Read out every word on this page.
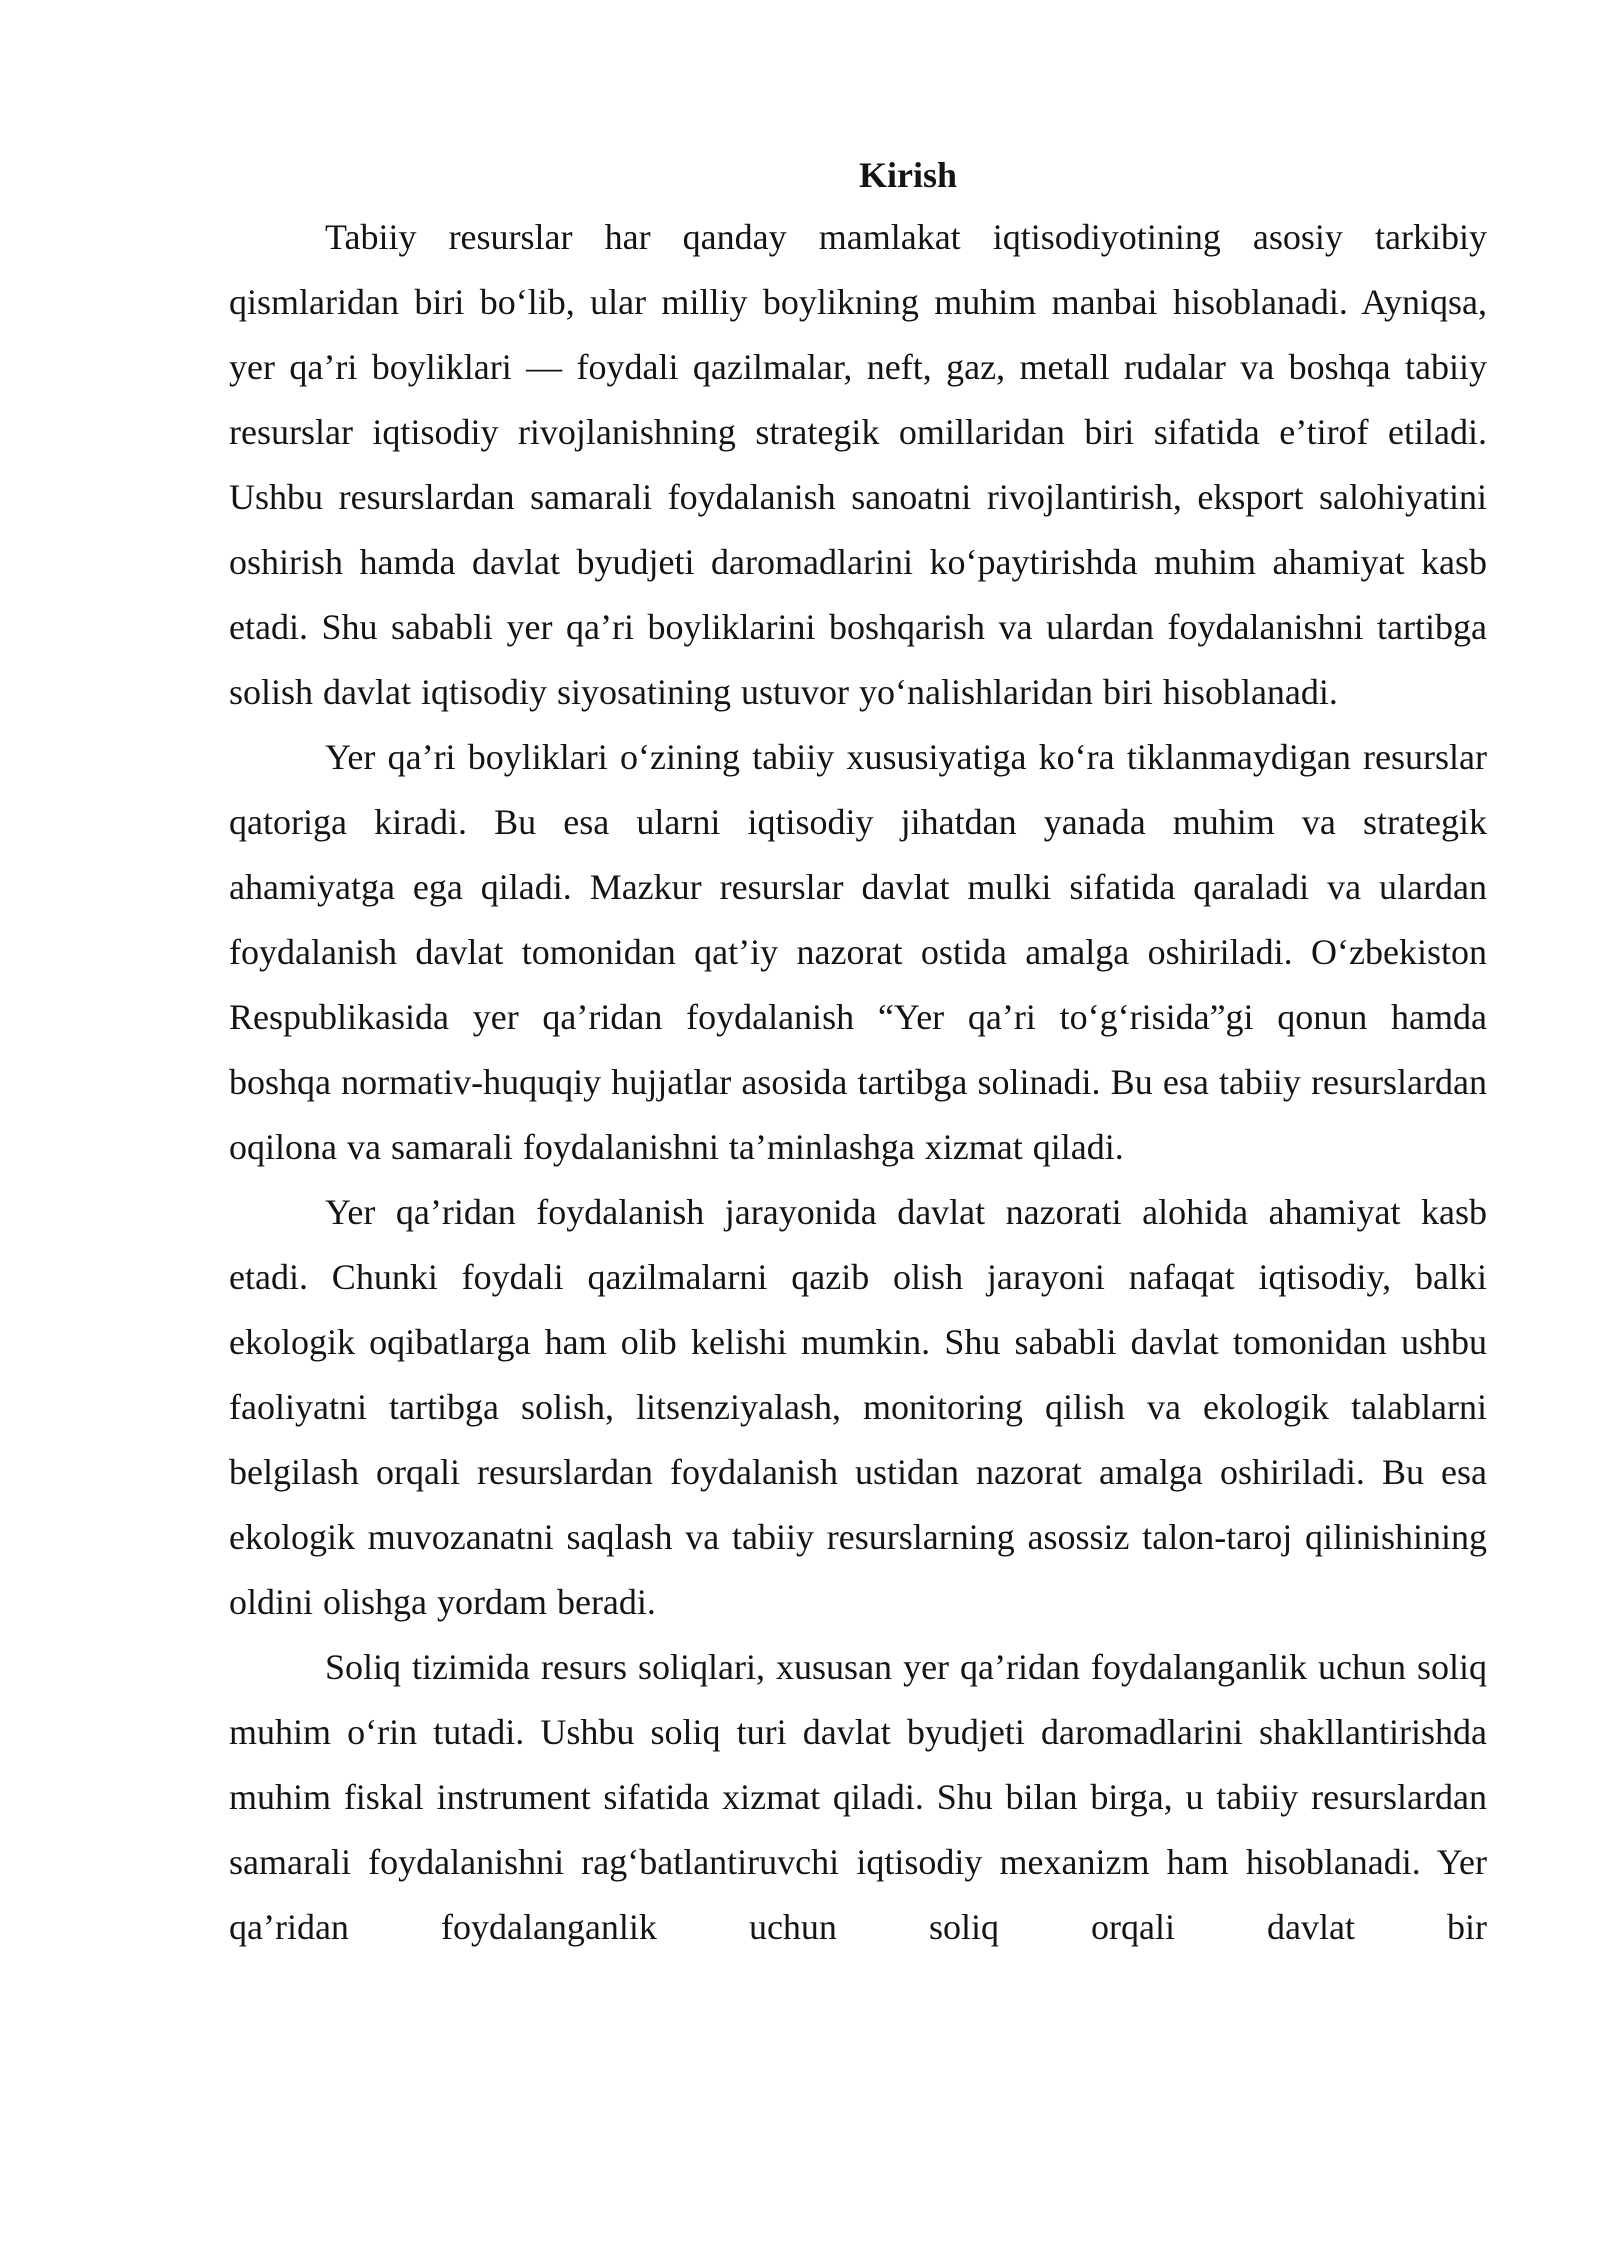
Kirish

Tabiiy resurslar har qanday mamlakat iqtisodiyotining asosiy tarkibiy qismlaridan biri bo‘lib, ular milliy boylikning muhim manbai hisoblanadi. Ayniqsa, yer qa’ri boyliklari — foydali qazilmalar, neft, gaz, metall rudalar va boshqa tabiiy resurslar iqtisodiy rivojlanishning strategik omillaridan biri sifatida e’tirof etiladi. Ushbu resurslardan samarali foydalanish sanoatni rivojlantirish, eksport salohiyatini oshirish hamda davlat byudjeti daromadlarini ko‘paytirishda muhim ahamiyat kasb etadi. Shu sababli yer qa’ri boyliklarini boshqarish va ulardan foydalanishni tartibga solish davlat iqtisodiy siyosatining ustuvor yo‘nalishlaridan biri hisoblanadi.

Yer qa’ri boyliklari o‘zining tabiiy xususiyatiga ko‘ra tiklanmaydigan resurslar qatoriga kiradi. Bu esa ularni iqtisodiy jihatdan yanada muhim va strategik ahamiyatga ega qiladi. Mazkur resurslar davlat mulki sifatida qaraladi va ulardan foydalanish davlat tomonidan qat’iy nazorat ostida amalga oshiriladi. O‘zbekiston Respublikasida yer qa’ridan foydalanish “Yer qa’ri to‘g‘risida”gi qonun hamda boshqa normativ-huquqiy hujjatlar asosida tartibga solinadi. Bu esa tabiiy resurslardan oqilona va samarali foydalanishni ta’minlashga xizmat qiladi.

Yer qa’ridan foydalanish jarayonida davlat nazorati alohida ahamiyat kasb etadi. Chunki foydali qazilmalarni qazib olish jarayoni nafaqat iqtisodiy, balki ekologik oqibatlarga ham olib kelishi mumkin. Shu sababli davlat tomonidan ushbu faoliyatni tartibga solish, litsenziyalash, monitoring qilish va ekologik talablarni belgilash orqali resurslardan foydalanish ustidan nazorat amalga oshiriladi. Bu esa ekologik muvozanatni saqlash va tabiiy resurslarning asossiz talon-taroj qilinishining oldini olishga yordam beradi.

Soliq tizimida resurs soliqlari, xususan yer qa’ridan foydalanganlik uchun soliq muhim o‘rin tutadi. Ushbu soliq turi davlat byudjeti daromadlarini shakllantirishda muhim fiskal instrument sifatida xizmat qiladi. Shu bilan birga, u tabiiy resurslardan samarali foydalanishni rag‘batlantiruvchi iqtisodiy mexanizm ham hisoblanadi. Yer qa’ridan foydalanganlik uchun soliq orqali davlat bir
